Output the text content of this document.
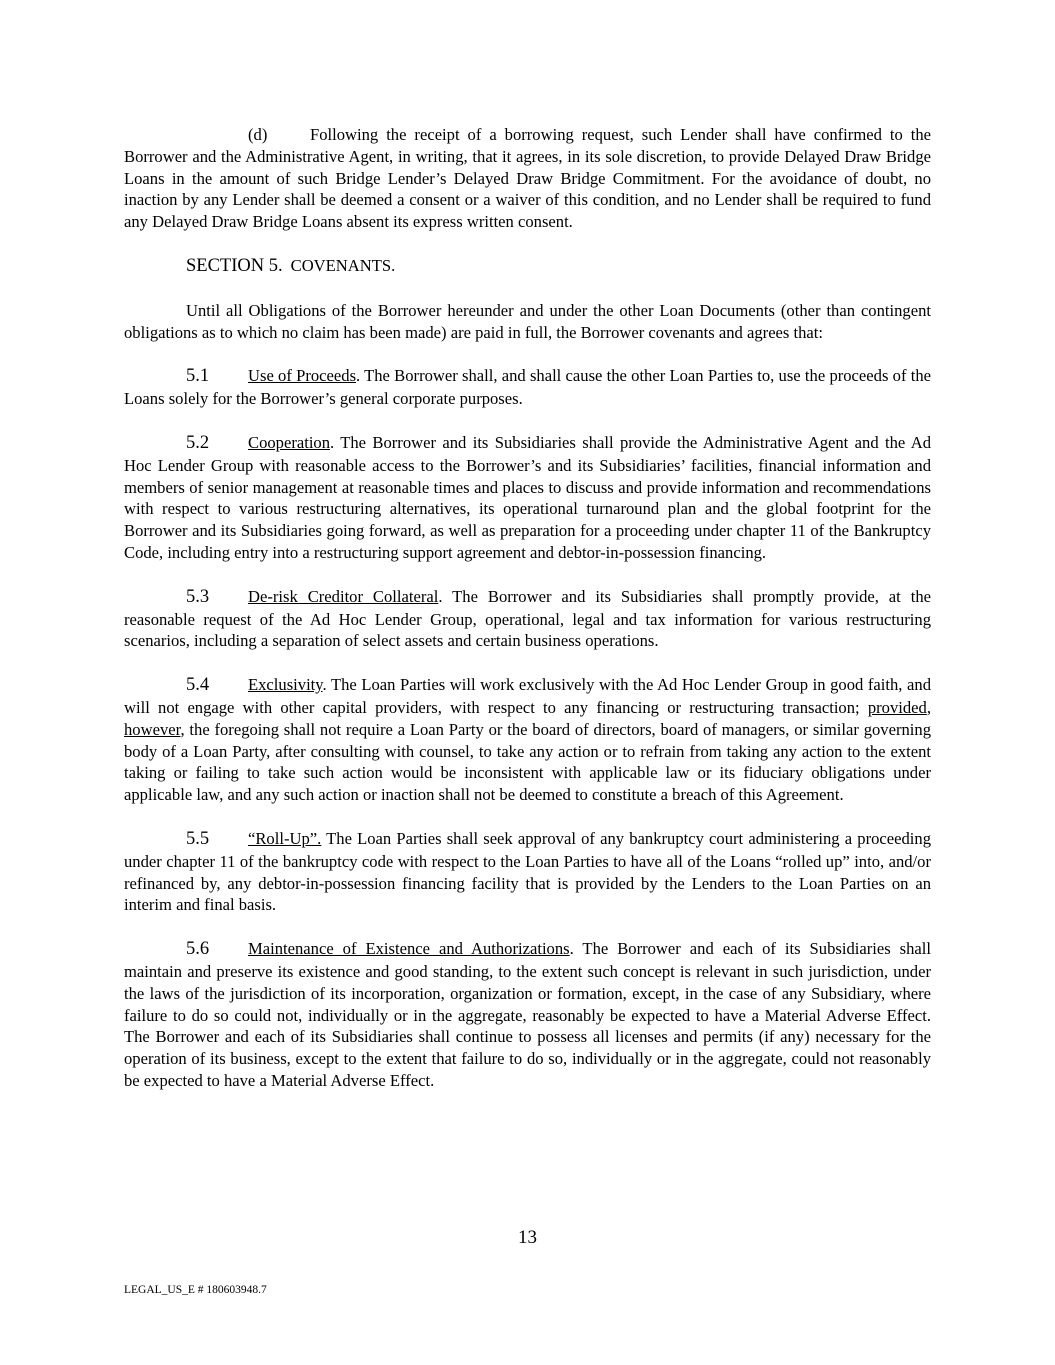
(d)	Following the receipt of a borrowing request, such Lender shall have confirmed to the Borrower and the Administrative Agent, in writing, that it agrees, in its sole discretion, to provide Delayed Draw Bridge Loans in the amount of such Bridge Lender’s Delayed Draw Bridge Commitment. For the avoidance of doubt, no inaction by any Lender shall be deemed a consent or a waiver of this condition, and no Lender shall be required to fund any Delayed Draw Bridge Loans absent its express written consent.

SECTION 5. COVENANTS.

Until all Obligations of the Borrower hereunder and under the other Loan Documents (other than contingent obligations as to which no claim has been made) are paid in full, the Borrower covenants and agrees that:

5.1 Use of Proceeds. The Borrower shall, and shall cause the other Loan Parties to, use the proceeds of the Loans solely for the Borrower’s general corporate purposes.

5.2 Cooperation. The Borrower and its Subsidiaries shall provide the Administrative Agent and the Ad Hoc Lender Group with reasonable access to the Borrower’s and its Subsidiaries’ facilities, financial information and members of senior management at reasonable times and places to discuss and provide information and recommendations with respect to various restructuring alternatives, its operational turnaround plan and the global footprint for the Borrower and its Subsidiaries going forward, as well as preparation for a proceeding under chapter 11 of the Bankruptcy Code, including entry into a restructuring support agreement and debtor-in-possession financing.

5.3 De-risk Creditor Collateral. The Borrower and its Subsidiaries shall promptly provide, at the reasonable request of the Ad Hoc Lender Group, operational, legal and tax information for various restructuring scenarios, including a separation of select assets and certain business operations.

5.4 Exclusivity. The Loan Parties will work exclusively with the Ad Hoc Lender Group in good faith, and will not engage with other capital providers, with respect to any financing or restructuring transaction; provided, however, the foregoing shall not require a Loan Party or the board of directors, board of managers, or similar governing body of a Loan Party, after consulting with counsel, to take any action or to refrain from taking any action to the extent taking or failing to take such action would be inconsistent with applicable law or its fiduciary obligations under applicable law, and any such action or inaction shall not be deemed to constitute a breach of this Agreement.

5.5 “Roll-Up”. The Loan Parties shall seek approval of any bankruptcy court administering a proceeding under chapter 11 of the bankruptcy code with respect to the Loan Parties to have all of the Loans “rolled up” into, and/or refinanced by, any debtor-in-possession financing facility that is provided by the Lenders to the Loan Parties on an interim and final basis.

5.6 Maintenance of Existence and Authorizations. The Borrower and each of its Subsidiaries shall maintain and preserve its existence and good standing, to the extent such concept is relevant in such jurisdiction, under the laws of the jurisdiction of its incorporation, organization or formation, except, in the case of any Subsidiary, where failure to do so could not, individually or in the aggregate, reasonably be expected to have a Material Adverse Effect. The Borrower and each of its Subsidiaries shall continue to possess all licenses and permits (if any) necessary for the operation of its business, except to the extent that failure to do so, individually or in the aggregate, could not reasonably be expected to have a Material Adverse Effect.

13
LEGAL_US_E # 180603948.7
